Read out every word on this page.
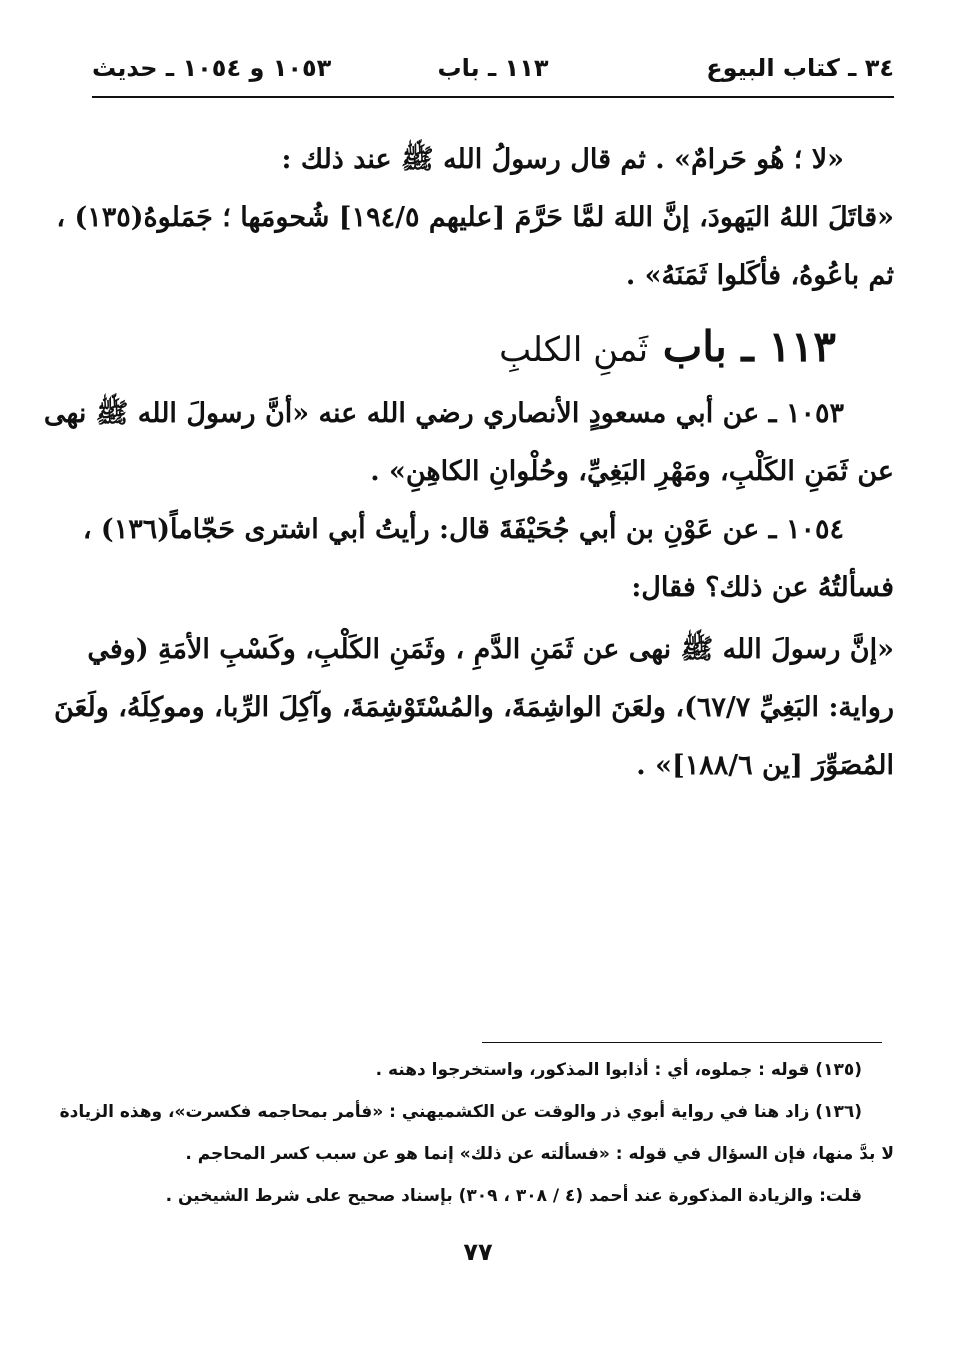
٣٤ ـ كتاب البيوع
١١٣ ـ باب
١٠٥٣ و ١٠٥٤ ـ حديث
«لا ؛ هُو حَرامٌ» . ثم قال رسولُ الله ﷺ عند ذلك :
«قاتَلَ اللهُ اليَهودَ، إنَّ اللهَ لمَّا حَرَّمَ [عليهم ١٩٤/٥] شُحومَها ؛ جَمَلوهُ(١٣٥) ،
ثم باعُوهُ، فأكَلوا ثَمَنَهُ» .
١١٣ ـ باب ثَمنِ الكلبِ
١٠٥٣ ـ عن أبي مسعودٍ الأنصاري رضي الله عنه «أنَّ رسولَ الله ﷺ نهى
عن ثَمَنِ الكَلْبِ، ومَهْرِ البَغِيِّ، وحُلْوانِ الكاهِنِ» .
١٠٥٤ ـ عن عَوْنِ بن أبي جُحَيْفَةَ قال: رأيتُ أبي اشترى حَجّاماً(١٣٦) ،
فسألتُهُ عن ذلك؟ فقال:
«إنَّ رسولَ الله ﷺ نهى عن ثَمَنِ الدَّمِ ، وثَمَنِ الكَلْبِ، وكَسْبِ الأمَةِ (وفي
رواية: البَغِيِّ ٦٧/٧)، ولعَنَ الواشِمَةَ، والمُسْتَوْشِمَةَ، وآكِلَ الرِّبا، وموكِلَهُ، ولَعَنَ
المُصَوِّرَ [ين ١٨٨/٦]» .
(١٣٥) قوله : جملوه، أي : أذابوا المذكور، واستخرجوا دهنه .
(١٣٦) زاد هنا في رواية أبوي ذر والوقت عن الكشميهني : «فأمر بمحاجمه فكسرت»، وهذه الزيادة
لا بدَّ منها، فإن السؤال في قوله : «فسألته عن ذلك» إنما هو عن سبب كسر المحاجم .
قلت: والزيادة المذكورة عند أحمد (٤ / ٣٠٨ ، ٣٠٩) بإسناد صحيح على شرط الشيخين .
٧٧
